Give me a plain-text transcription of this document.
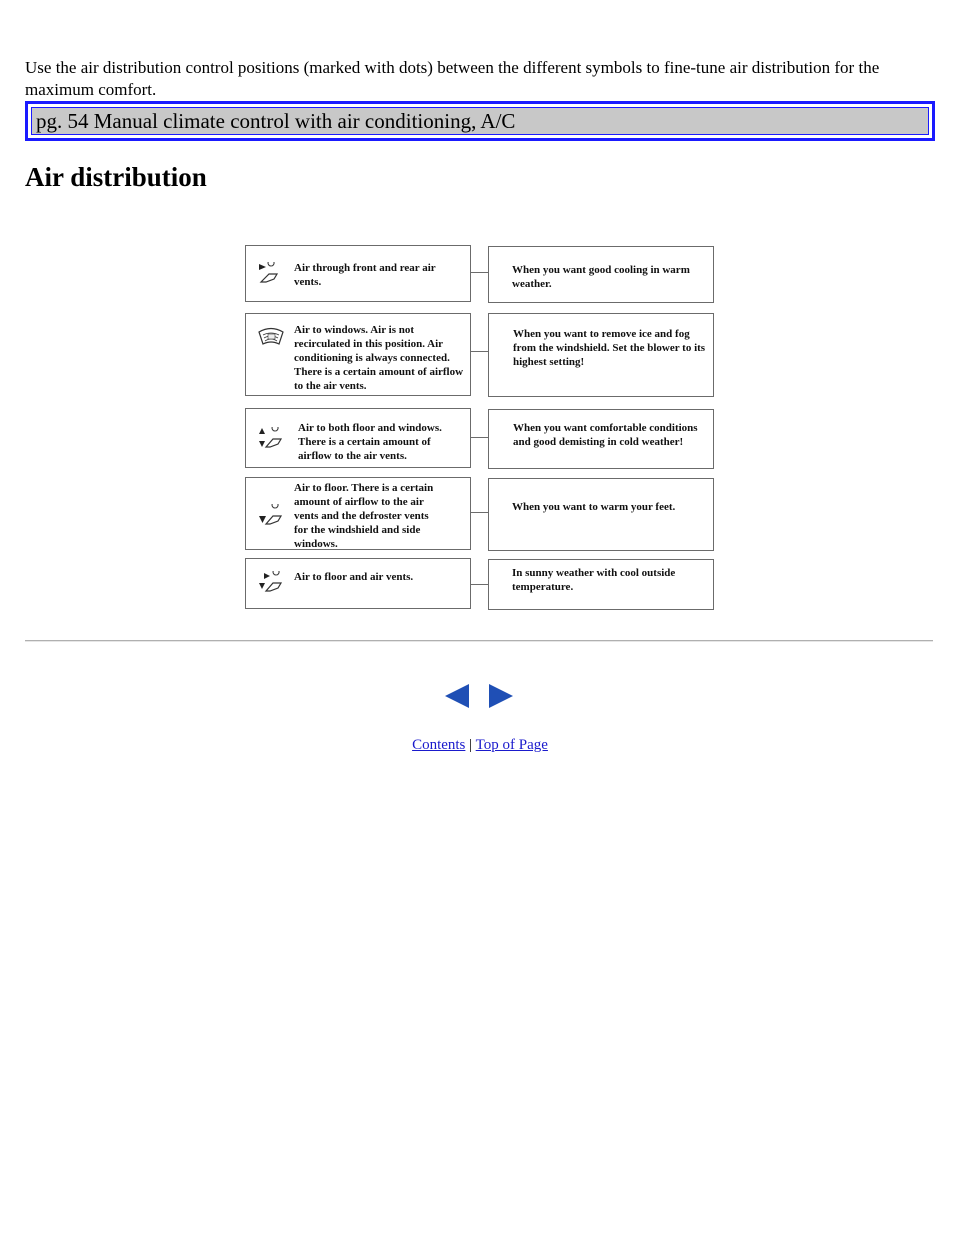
Use the air distribution control positions (marked with dots) between the different symbols to fine-tune air distribution for the maximum comfort.

pg. 54 Manual climate control with air conditioning, A/C
Air distribution
Air through front and rear air vents.
When you want good cooling in warm weather.
Air to windows. Air is not recirculated in this position. Air conditioning is always connected. There is a certain amount of airflow to the air vents.
When you want to remove ice and fog from the windshield. Set the blower to its highest setting!
Air to both floor and windows. There is a certain amount of airflow to the air vents.
When you want comfortable conditions and good demisting in cold weather!
Air to floor. There is a certain amount of airflow to the air vents and the defroster vents for the windshield and side windows.
When you want to warm your feet.
Air to floor and air vents.	In sunny weather with cool outside temperature.
Contents | Top of Page
